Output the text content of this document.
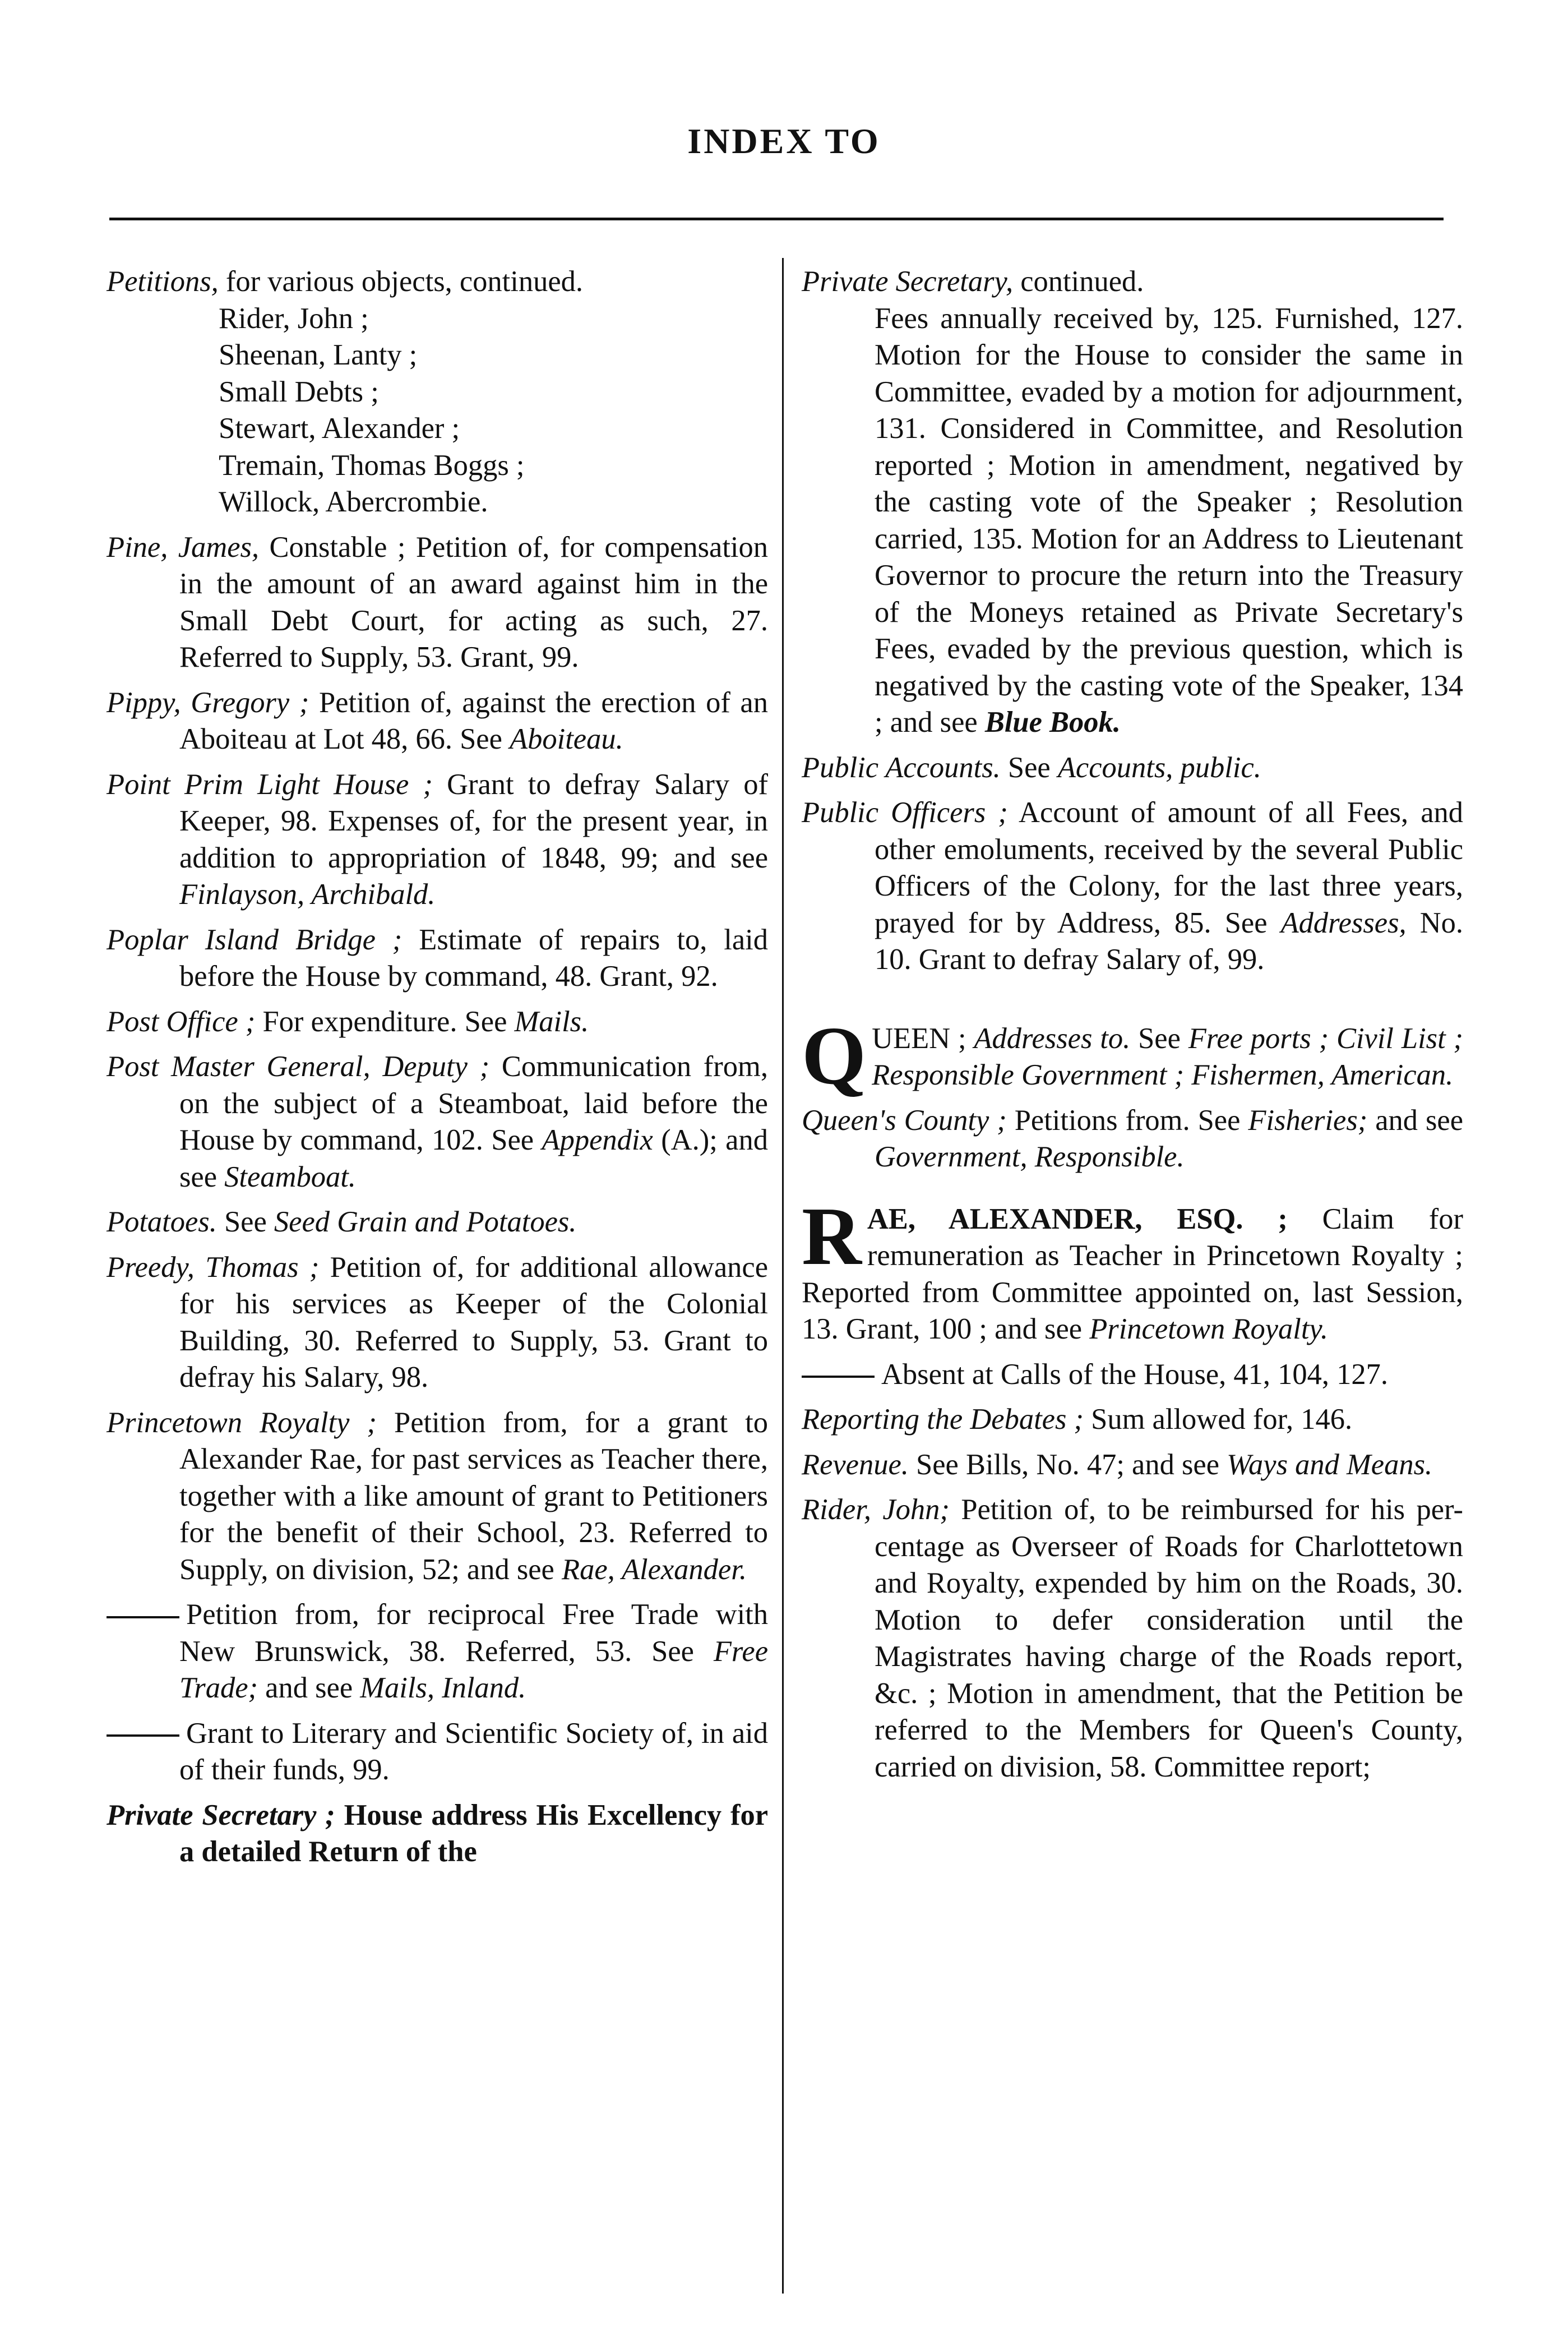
INDEX TO

Petitions, for various objects, continued.

Rider, John ;

Sheenan, Lanty ;

Small Debts ;

Stewart, Alexander ;

Tremain, Thomas Boggs ;

Willock, Abercrombie.

Pine, James, Constable ; Petition of, for compensation in the amount of an award against him in the Small Debt Court, for acting as such, 27. Referred to Supply, 53. Grant, 99.

Pippy, Gregory ; Petition of, against the erection of an Aboiteau at Lot 48, 66. See Aboiteau.

Point Prim Light House ; Grant to defray Salary of Keeper, 98. Expenses of, for the present year, in addition to appropriation of 1848, 99; and see Finlayson, Archibald.

Poplar Island Bridge ; Estimate of repairs to, laid before the House by command, 48. Grant, 92.

Post Office ; For expenditure. See Mails.

Post Master General, Deputy ; Communication from, on the subject of a Steamboat, laid before the House by command, 102. See Appendix (A.); and see Steamboat.

Potatoes. See Seed Grain and Potatoes.

Preedy, Thomas ; Petition of, for additional allowance for his services as Keeper of the Colonial Building, 30. Referred to Supply, 53. Grant to defray his Salary, 98.

Princetown Royalty ; Petition from, for a grant to Alexander Rae, for past services as Teacher there, together with a like amount of grant to Petitioners for the benefit of their School, 23. Referred to Supply, on division, 52; and see Rae, Alexander.

Petition from, for reciprocal Free Trade with New Brunswick, 38. Referred, 53. See Free Trade; and see Mails, Inland.

Grant to Literary and Scientific Society of, in aid of their funds, 99.

Private Secretary ; House address His Excellency for a detailed Return of the

Private Secretary, continued.

Fees annually received by, 125. Furnished, 127. Motion for the House to consider the same in Committee, evaded by a motion for adjournment, 131. Considered in Committee, and Resolution reported ; Motion in amendment, negatived by the casting vote of the Speaker ; Resolution carried, 135. Motion for an Address to Lieutenant Governor to procure the return into the Treasury of the Moneys retained as Private Secretary's Fees, evaded by the previous question, which is negatived by the casting vote of the Speaker, 134 ; and see Blue Book.

Public Accounts. See Accounts, public.

Public Officers ; Account of amount of all Fees, and other emoluments, received by the several Public Officers of the Colony, for the last three years, prayed for by Address, 85. See Addresses, No. 10. Grant to defray Salary of, 99.

QUEEN ; Addresses to. See Free ports ; Civil List ; Responsible Government ; Fishermen, American.

Queen's County ; Petitions from. See Fisheries; and see Government, Responsible.

RAE, ALEXANDER, ESQ. ; Claim for remuneration as Teacher in Princetown Royalty ; Reported from Committee appointed on, last Session, 13. Grant, 100 ; and see Princetown Royalty.

Absent at Calls of the House, 41, 104, 127.

Reporting the Debates ; Sum allowed for, 146.

Revenue. See Bills, No. 47; and see Ways and Means.

Rider, John; Petition of, to be reimbursed for his per-centage as Overseer of Roads for Charlottetown and Royalty, expended by him on the Roads, 30. Motion to defer consideration until the Magistrates having charge of the Roads report, &c. ; Motion in amendment, that the Petition be referred to the Members for Queen's County, carried on division, 58. Committee report;
